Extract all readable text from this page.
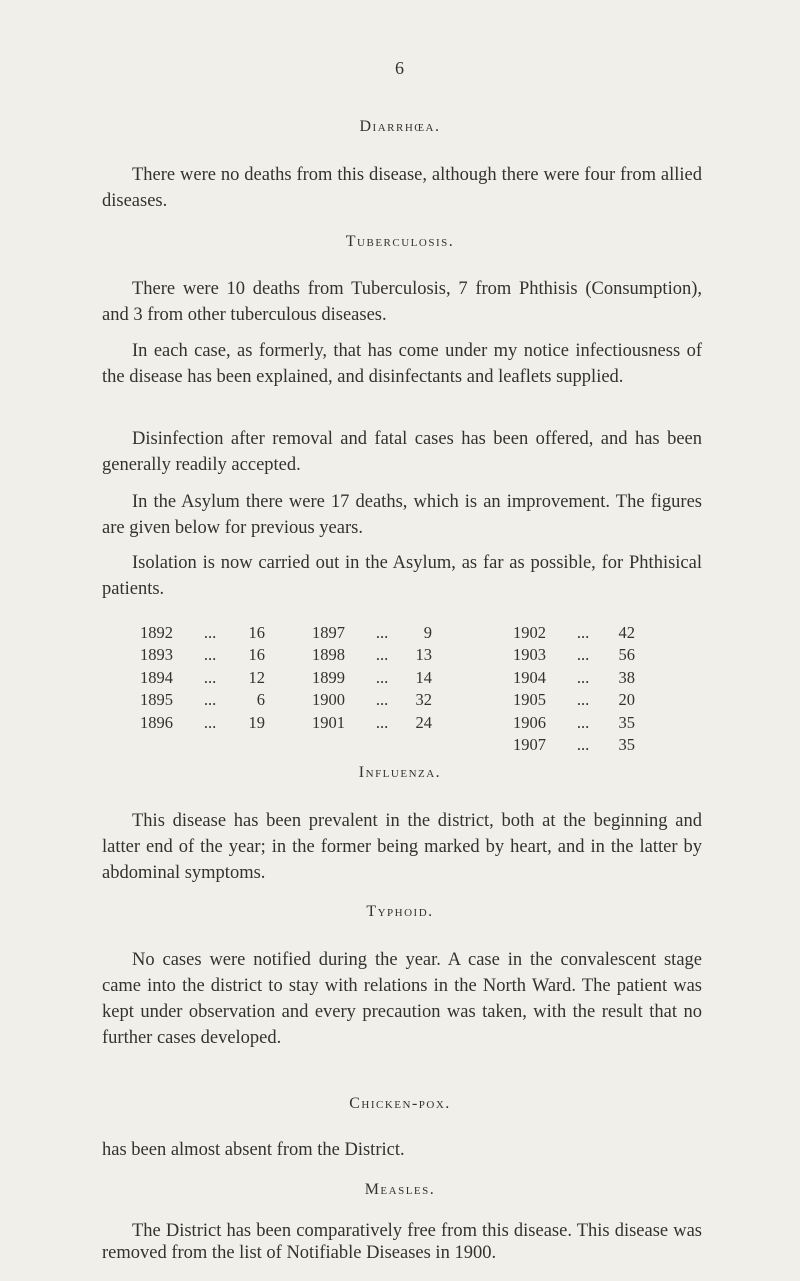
6
Diarrhœa.

There were no deaths from this disease, although there were four from allied diseases.

Tuberculosis.

There were 10 deaths from Tuberculosis, 7 from Phthisis (Consumption), and 3 from other tuberculous diseases.

In each case, as formerly, that has come under my notice infectiousness of the disease has been explained, and disinfectants and leaflets supplied.

Disinfection after removal and fatal cases has been offered, and has been generally readily accepted.

In the Asylum there were 17 deaths, which is an improvement. The figures are given below for previous years.

Isolation is now carried out in the Asylum, as far as possible, for Phthisical patients.

1892	...	16	1897	...	9	1902	...	42
1893	...	16	1898	...	13	1903	...	56
1894	...	12	1899	...	14	1904	...	38
1895	...	6	1900	...	32	1905	...	20
1896	...	19	1901	...	24	1906	...	35
1907	...	35
Influenza.

This disease has been prevalent in the district, both at the beginning and latter end of the year; in the former being marked by heart, and in the latter by abdominal symptoms.

Typhoid.

No cases were notified during the year. A case in the convalescent stage came into the district to stay with relations in the North Ward. The patient was kept under observation and every precaution was taken, with the result that no further cases developed.

Chicken-pox.

has been almost absent from the District.

Measles.

The District has been comparatively free from this disease. This disease was removed from the list of Notifiable Diseases in 1900.
